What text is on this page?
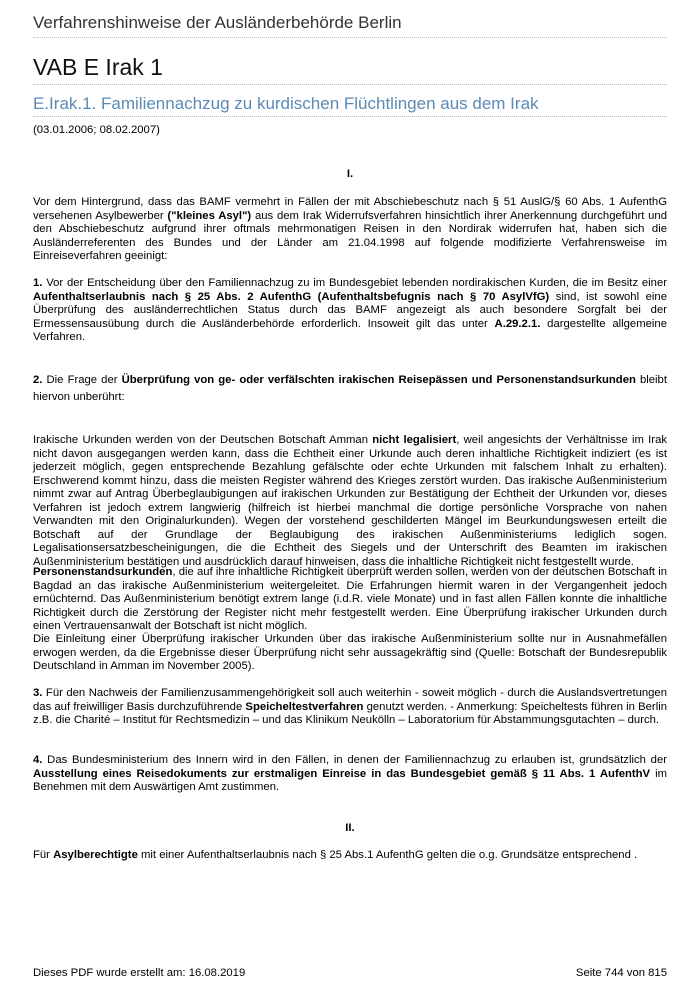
Verfahrenshinweise der Ausländerbehörde Berlin
VAB E Irak 1
E.Irak.1. Familiennachzug zu kurdischen Flüchtlingen aus dem Irak
(03.01.2006; 08.02.2007)
I.

Vor dem Hintergrund, dass das BAMF vermehrt in Fällen der mit Abschiebeschutz nach § 51 AuslG/§ 60 Abs. 1 AufenthG versehenen Asylbewerber ("kleines Asyl") aus dem Irak Widerrufsverfahren hinsichtlich ihrer Anerkennung durchgeführt und den Abschiebeschutz aufgrund ihrer oftmals mehrmonatigen Reisen in den Nordirak widerrufen hat, haben sich die Ausländerreferenten des Bundes und der Länder am 21.04.1998 auf folgende modifizierte Verfahrensweise im Einreiseverfahren geeinigt:

1. Vor der Entscheidung über den Familiennachzug zu im Bundesgebiet lebenden nordirakischen Kurden, die im Besitz einer Aufenthaltserlaubnis nach § 25 Abs. 2 AufenthG (Aufenthaltsbefugnis nach § 70 AsylVfG) sind, ist sowohl eine Überprüfung des ausländerrechtlichen Status durch das BAMF angezeigt als auch besondere Sorgfalt bei der Ermessensausübung durch die Ausländerbehörde erforderlich. Insoweit gilt das unter A.29.2.1. dargestellte allgemeine Verfahren.

2. Die Frage der Überprüfung von ge- oder verfälschten irakischen Reisepässen und Personenstandsurkunden bleibt hiervon unberührt:

Irakische Urkunden werden von der Deutschen Botschaft Amman nicht legalisiert, weil angesichts der Verhältnisse im Irak nicht davon ausgegangen werden kann, dass die Echtheit einer Urkunde auch deren inhaltliche Richtigkeit indiziert (es ist jederzeit möglich, gegen entsprechende Bezahlung gefälschte oder echte Urkunden mit falschem Inhalt zu erhalten). Erschwerend kommt hinzu, dass die meisten Register während des Krieges zerstört wurden. Das irakische Außenministerium nimmt zwar auf Antrag Überbeglaubigungen auf irakischen Urkunden zur Bestätigung der Echtheit der Urkunden vor, dieses Verfahren ist jedoch extrem langwierig (hilfreich ist hierbei manchmal die dortige persönliche Vorsprache von nahen Verwandten mit den Originalurkunden). Wegen der vorstehend geschilderten Mängel im Beurkundungswesen erteilt die Botschaft auf der Grundlage der Beglaubigung des irakischen Außenministeriums lediglich sogen. Legalisationsersatzbescheinigungen, die die Echtheit des Siegels und der Unterschrift des Beamten im irakischen Außenministerium bestätigen und ausdrücklich darauf hinweisen, dass die inhaltliche Richtigkeit nicht festgestellt wurde.

Personenstandsurkunden, die auf ihre inhaltliche Richtigkeit überprüft werden sollen, werden von der deutschen Botschaft in Bagdad an das irakische Außenministerium weitergeleitet. Die Erfahrungen hiermit waren in der Vergangenheit jedoch ernüchternd. Das Außenministerium benötigt extrem lange (i.d.R. viele Monate) und in fast allen Fällen konnte die inhaltliche Richtigkeit durch die Zerstörung der Register nicht mehr festgestellt werden. Eine Überprüfung irakischer Urkunden durch einen Vertrauensanwalt der Botschaft ist nicht möglich.

Die Einleitung einer Überprüfung irakischer Urkunden über das irakische Außenministerium sollte nur in Ausnahmefällen erwogen werden, da die Ergebnisse dieser Überprüfung nicht sehr aussagekräftig sind (Quelle: Botschaft der Bundesrepublik Deutschland in Amman im November 2005).

3. Für den Nachweis der Familienzusammengehörigkeit soll auch weiterhin - soweit möglich - durch die Auslandsvertretungen das auf freiwilliger Basis durchzuführende Speicheltestverfahren genutzt werden. - Anmerkung: Speicheltests führen in Berlin z.B. die Charité – Institut für Rechtsmedizin – und das Klinikum Neukölln – Laboratorium für Abstammungsgutachten – durch.

4. Das Bundesministerium des Innern wird in den Fällen, in denen der Familiennachzug zu erlauben ist, grundsätzlich der Ausstellung eines Reisedokuments zur erstmaligen Einreise in das Bundesgebiet gemäß § 11 Abs. 1 AufenthV im Benehmen mit dem Auswärtigen Amt zustimmen.

II.

Für Asylberechtigte mit einer Aufenthaltserlaubnis nach § 25 Abs.1 AufenthG gelten die o.g. Grundsätze entsprechend .

Dieses PDF wurde erstellt am: 16.08.2019	Seite 744 von 815
